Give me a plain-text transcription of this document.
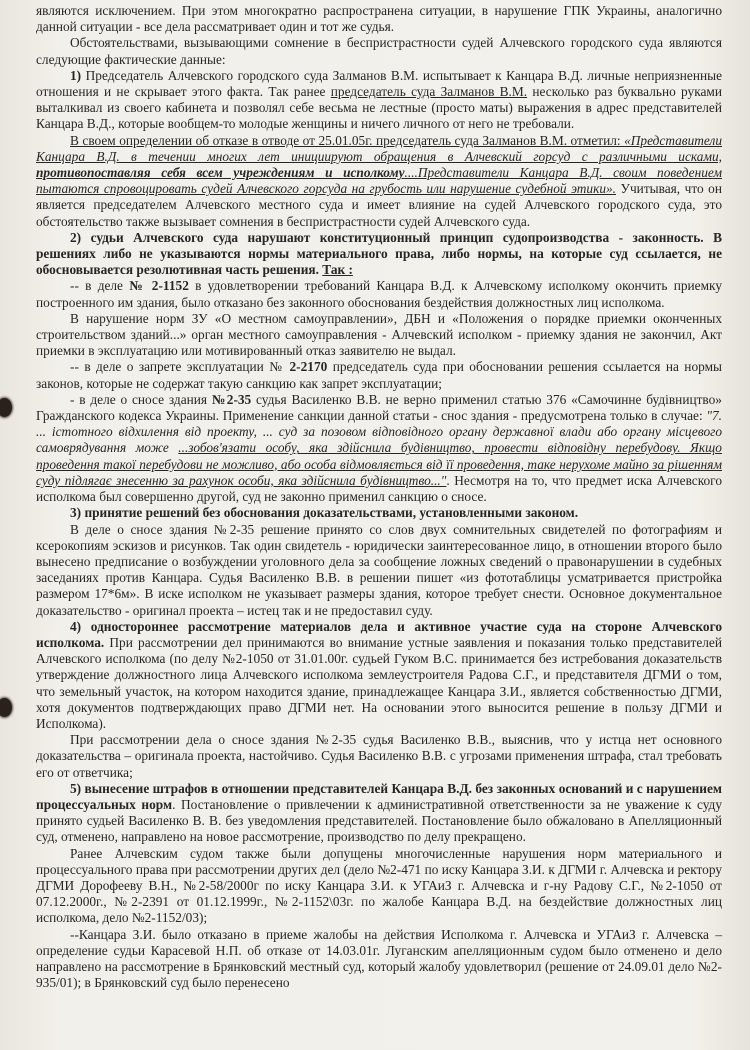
являются исключением. При этом многократно распространена ситуации, в нарушение ГПК Украины, аналогично данной ситуации - все дела рассматривает один и тот же судья.

Обстоятельствами, вызывающими сомнение в беспристрастности судей Алчевского городского суда являются следующие фактические данные:

1) Председатель Алчевского городского суда Залманов В.М. испытывает к Канцара В.Д. личные неприязненные отношения и не скрывает этого факта. Так ранее председатель суда Залманов В.М. несколько раз буквально руками выталкивал из своего кабинета и позволял себе весьма не лестные (просто маты) выражения в адрес представителей Канцара В.Д., которые вообщем-то молодые женщины и ничего личного от него не требовали.

В своем определении об отказе в отводе от 25.01.05г. председатель суда Залманов В.М. отметил: «Представители Канцара В.Д. в течении многих лет инициируют обращения в Алчевский горсуд с различными исками, противопоставляя себя всем учреждениям и исполкому....Представители Канцара В.Д. своим поведением пытаются спровоцировать судей Алчевского горсуда на грубость или нарушение судебной этики». Учитывая, что он является председателем Алчевского местного суда и имеет влияние на судей Алчевского городского суда, это обстоятельство также вызывает сомнения в беспристрастности судей Алчевского суда.

2) судьи Алчевского суда нарушают конституционный принцип судопроизводства - законность. В решениях либо не указываются нормы материального права, либо нормы, на которые суд ссылается, не обосновывается резолютивная часть решения. Так :

-- в деле № 2-1152 в удовлетворении требований Канцара В.Д. к Алчевскому исполкому окончить приемку построенного им здания, было отказано без законного обоснования бездействия должностных лиц исполкома.

В нарушение норм ЗУ «О местном самоуправлении», ДБН и «Положения о порядке приемки оконченных строительством зданий...» орган местного самоуправления - Алчевский исполком - приемку здания не закончил, Акт приемки в эксплуатацию или мотивированный отказ заявителю не выдал.

-- в деле о запрете эксплуатации № 2-2170 председатель суда при обосновании решения ссылается на нормы законов, которые не содержат такую санкцию как запрет эксплуатации;

- в деле о сносе здания №2-35 судья Василенко В.В. не верно применил статью 376 «Самочинне будівництво» Гражданского кодекса Украины. Применение санкции данной статьи - снос здания - предусмотрена только в случае: "7. ... істотного відхилення від проекту, ... суд за позовом відповідного органу державної влади або органу місцевого самоврядування може ...зобов'язати особу, яка здійснила будівництво, провести відповідну перебудову. Якщо проведення такої перебудови не можливо, або особа відмовляється від її проведення, таке нерухоме майно за рішенням суду підлягає знесенню за рахунок особи, яка здійснила будівництво...". Несмотря на то, что предмет иска Алчевского исполкома был совершенно другой, суд не законно применил санкцию о сносе.

3) принятие решений без обоснования доказательствами, установленными законом.

В деле о сносе здания №2-35 решение принято со слов двух сомнительных свидетелей по фотографиям и ксерокопиям эскизов и рисунков. Так один свидетель - юридически заинтересованное лицо, в отношении второго было вынесено предписание о возбуждении уголовного дела за сообщение ложных сведений о правонарушении в судебных заседаниях против Канцара. Судья Василенко В.В. в решении пишет «из фототаблицы усматривается пристройка размером 17*6м». В иске исполком не указывает размеры здания, которое требует снести. Основное документальное доказательство - оригинал проекта – истец так и не предоставил суду.

4) одностороннее рассмотрение материалов дела и активное участие суда на стороне Алчевского исполкома. При рассмотрении дел принимаются во внимание устные заявления и показания только представителей Алчевского исполкома (по делу №2-1050 от 31.01.00г. судьей Гуком В.С. принимается без истребования доказательств утверждение должностного лица Алчевского исполкома землеустроителя Радова С.Г., и представителя ДГМИ о том, что земельный участок, на котором находится здание, принадлежащее Канцара З.И., является собственностью ДГМИ, хотя документов подтверждающих право ДГМИ нет. На основании этого выносится решение в пользу ДГМИ и Исполкома).

При рассмотрении дела о сносе здания №2-35 судья Василенко В.В., выяснив, что у истца нет основного доказательства – оригинала проекта, настойчиво. Судья Василенко В.В. с угрозами применения штрафа, стал требовать его от ответчика;

5) вынесение штрафов в отношении представителей Канцара В.Д. без законных оснований и с нарушением процессуальных норм. Постановление о привлечении к административной ответственности за не уважение к суду принято судьей Василенко В. В. без уведомления представителей. Постановление было обжаловано в Апелляционный суд, отменено, направлено на новое рассмотрение, производство по делу прекращено.

Ранее Алчевским судом также были допущены многочисленные нарушения норм материального и процессуального права при рассмотрении других дел (дело №2-471 по иску Канцара З.И. к ДГМИ г. Алчевска и ректору ДГМИ Дорофееву В.Н., №2-58/2000г по иску Канцара З.И. к УГАиЗ г. Алчевска и г-ну Радову С.Г., №2-1050 от 07.12.2000г., №2-2391 от 01.12.1999г., №2-1152\03г. по жалобе Канцара В.Д. на бездействие должностных лиц исполкома, дело №2-1152/03);

--Канцара З.И. было отказано в приеме жалобы на действия Исполкома г. Алчевска и УГАиЗ г. Алчевска – определение судьи Карасевой Н.П. об отказе от 14.03.01г. Луганским апелляционным судом было отменено и дело направлено на рассмотрение в Брянковский местный суд, который жалобу удовлетворил (решение от 24.09.01 дело №2-935/01); в Брянковский суд было перенесено
